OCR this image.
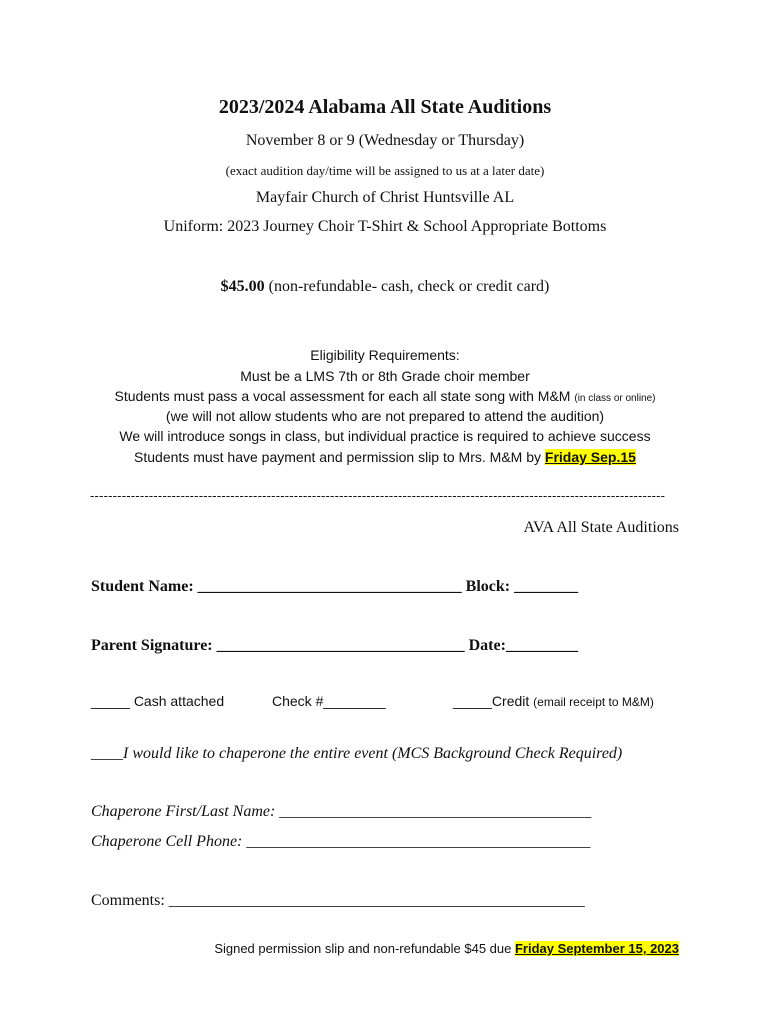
2023/2024 Alabama All State Auditions
November 8 or 9 (Wednesday or Thursday)
(exact audition day/time will be assigned to us at a later date)
Mayfair Church of Christ Huntsville AL
Uniform: 2023 Journey Choir T-Shirt & School Appropriate Bottoms
$45.00 (non-refundable- cash, check or credit card)
Eligibility Requirements:
Must be a LMS 7th or 8th Grade choir member
Students must pass a vocal assessment for each all state song with M&M (in class or online)
(we will not allow students who are not prepared to attend the audition)
We will introduce songs in class, but individual practice is required to achieve success
Students must have payment and permission slip to Mrs. M&M by Friday Sep.15
-------------------------------------------------------------------------------------------------------------------------------
AVA All State Auditions
Student Name: _________________________________ Block: ________
Parent Signature: _______________________________ Date:_________
_____ Cash attached	Check #________	_____Credit (email receipt to M&M)
____I would like to chaperone the entire event (MCS Background Check Required)
Chaperone First/Last Name: _______________________________________
Chaperone Cell Phone: ___________________________________________
Comments: ____________________________________________________
Signed permission slip and non-refundable $45 due Friday September 15, 2023
